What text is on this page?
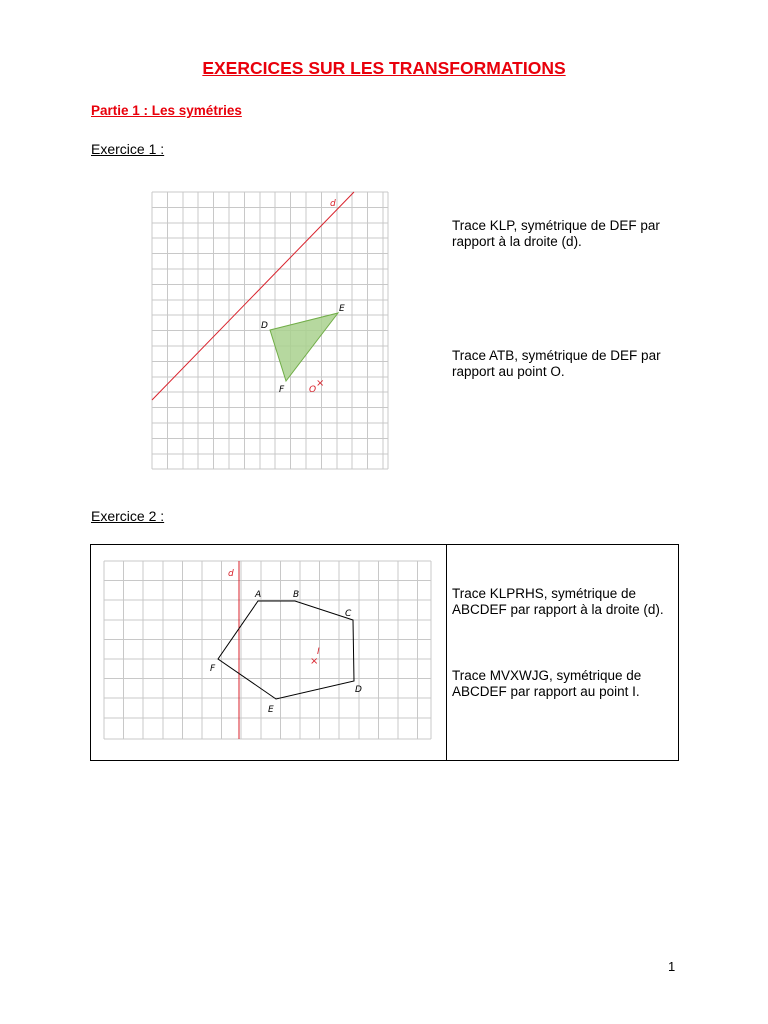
EXERCICES SUR LES TRANSFORMATIONS
Partie 1 : Les symétries
Exercice 1 :
d
D
E
F	O
×
Trace KLP, symétrique de DEF par rapport à la droite (d).
Trace ATB, symétrique de DEF par rapport au point O.
Exercice 2 :
d
A	B
C
D
E
F
I
×
Trace KLPRHS, symétrique de ABCDEF par rapport à la droite (d).
Trace MVXWJG, symétrique de ABCDEF par rapport au point I.
1
